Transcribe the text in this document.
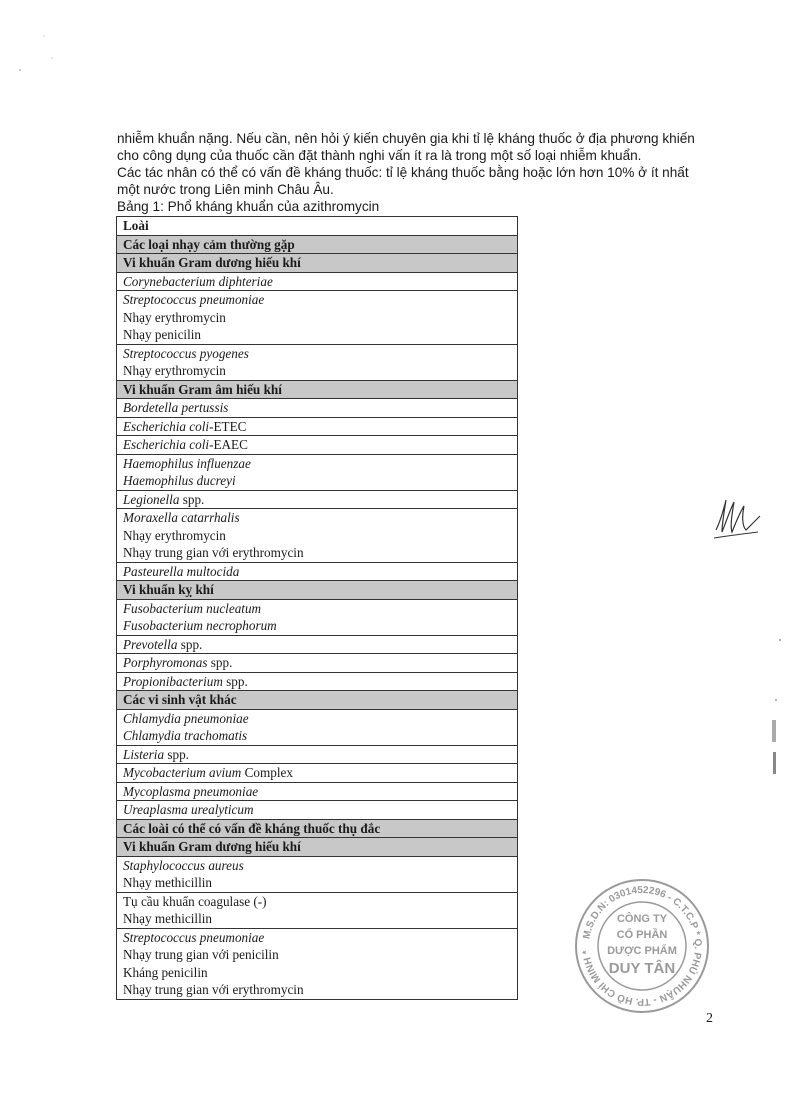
nhiễm khuẩn nặng. Nếu cần, nên hỏi ý kiến chuyên gia khi tỉ lệ kháng thuốc ở địa phương khiến
cho công dụng của thuốc cần đặt thành nghi vấn ít ra là trong một số loại nhiễm khuẩn.
Các tác nhân có thể có vấn đề kháng thuốc: tỉ lệ kháng thuốc bằng hoặc lớn hơn 10% ở ít nhất
một nước trong Liên minh Châu Âu.
Bảng 1: Phổ kháng khuẩn của azithromycin
Loài
Các loại nhạy cảm thường gặp
Vi khuẩn Gram dương hiếu khí

Corynebacterium diphteriae

Streptococcus pneumoniae
Nhạy erythromycin
Nhạy penicilin

Streptococcus pyogenes
Nhạy erythromycin

Vi khuẩn Gram âm hiếu khí

Bordetella pertussis

Escherichia coli-ETEC

Escherichia coli-EAEC

Haemophilus influenzae
Haemophilus ducreyi

Legionella spp.

Moraxella catarrhalis
Nhạy erythromycin
Nhạy trung gian với erythromycin

Pasteurella multocida

Vi khuẩn kỵ khí

Fusobacterium nucleatum
Fusobacterium necrophorum

Prevotella spp.

Porphyromonas spp.

Propionibacterium spp.

Các vi sinh vật khác

Chlamydia pneumoniae
Chlamydia trachomatis

Listeria spp.

Mycobacterium avium Complex

Mycoplasma pneumoniae

Ureaplasma urealyticum

Các loài có thể có vấn đề kháng thuốc thụ đắc
Vi khuẩn Gram dương hiếu khí

Staphylococcus aureus
Nhạy methicillin

Tụ cầu khuẩn coagulase (-)
Nhạy methicillin

Streptococcus pneumoniae
Nhạy trung gian với penicilin
Kháng penicilin
Nhạy trung gian với erythromycin
M.S.D.N: 0301452296 - C.T.C.P * Q. PHÚ NHUẬN - TP. HỒ CHÍ MINH *
CÔNG TY
CỔ PHẦN
DƯỢC PHẨM
DUY TÂN
2
